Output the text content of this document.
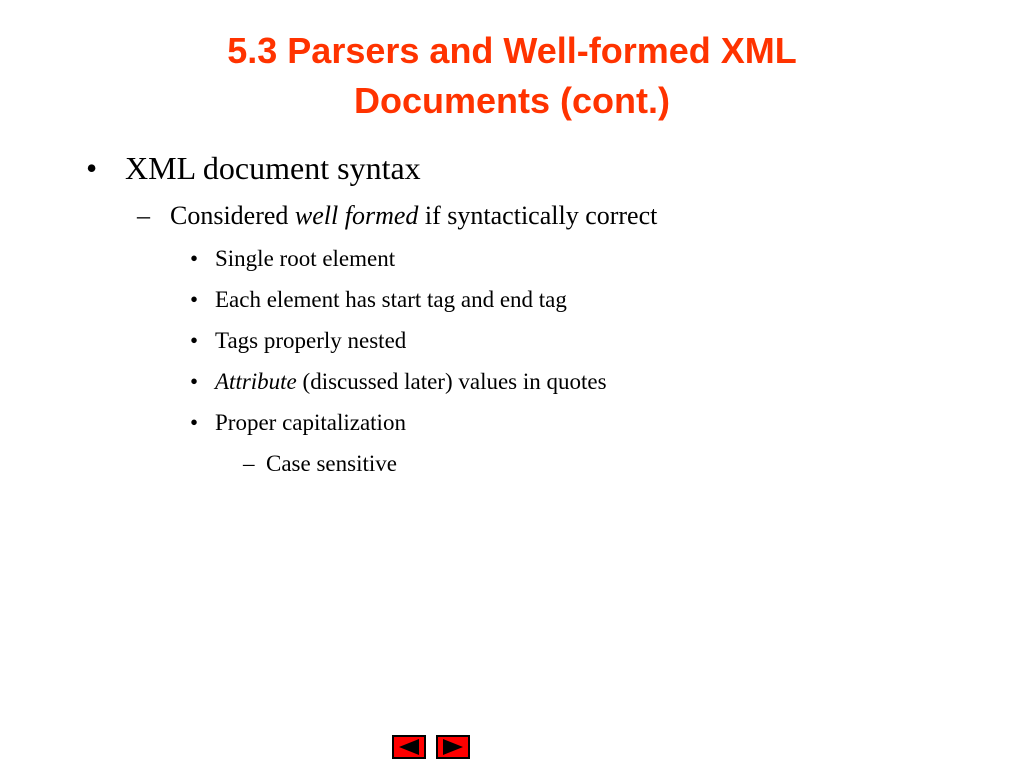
5.3 Parsers and Well-formed XML
Documents (cont.)
• XML document syntax
– Considered well formed if syntactically correct
• Single root element
• Each element has start tag and end tag
• Tags properly nested
• Attribute (discussed later) values in quotes
• Proper capitalization
– Case sensitive
